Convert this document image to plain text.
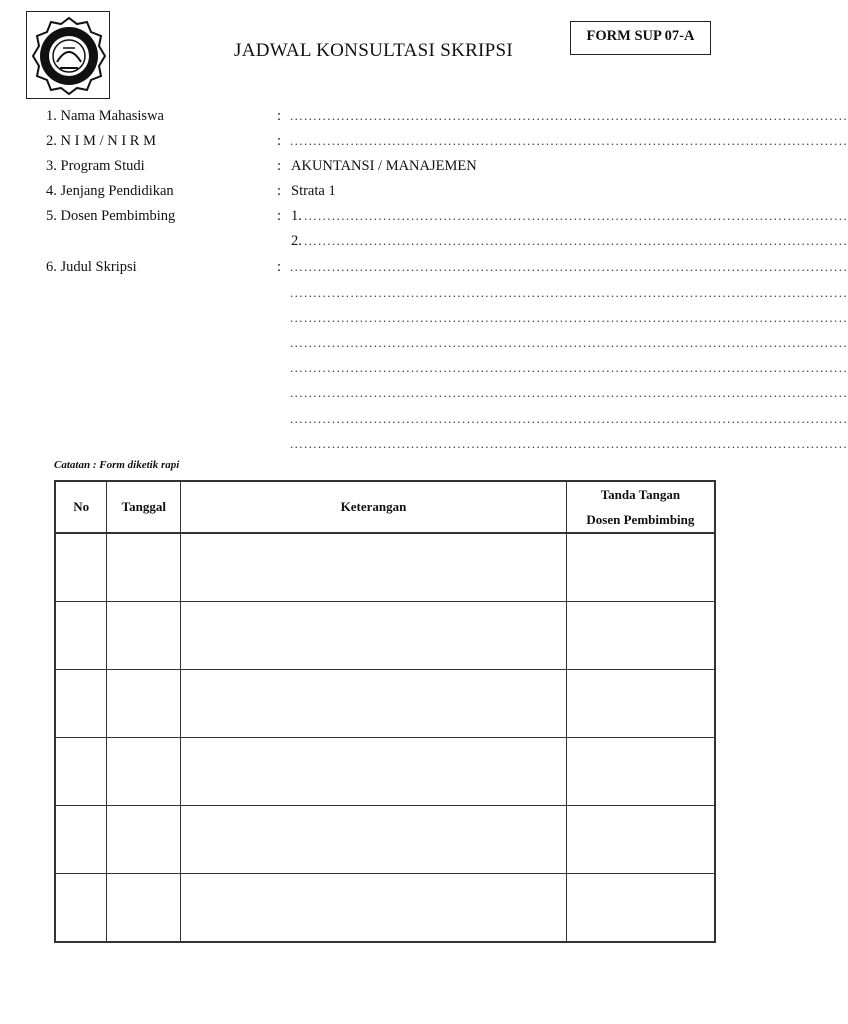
JADWAL KONSULTASI SKRIPSI
FORM SUP 07-A
1. Nama Mahasiswa	: ........................................................................................................................
2. N I M / N I R M	: ........................................................................................................................
3. Program Studi	: AKUNTANSI / MANAJEMEN
4. Jenjang Pendidikan	: Strata 1
5. Dosen Pembimbing	: 1. .....................................................................................................................
2. .....................................................................................................................
6. Judul Skripsi	: ........................................................................................................................
........................................................................................................................
........................................................................................................................
........................................................................................................................
........................................................................................................................
........................................................................................................................
........................................................................................................................
........................................................................................................................
Catatan : Form diketik rapi
No	Tanggal	Keterangan	Tanda Tangan
Dosen Pembimbing
